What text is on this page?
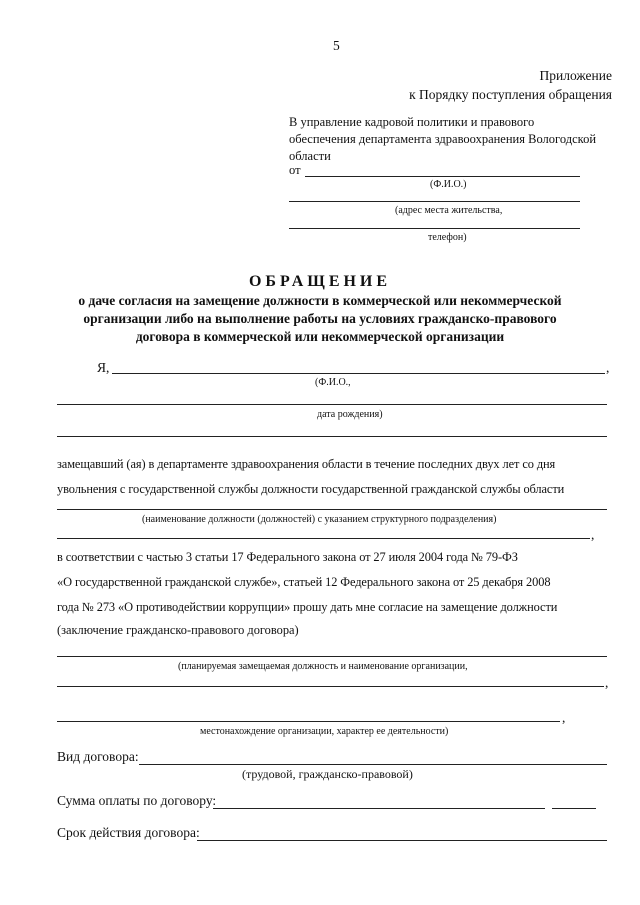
5
Приложение
к Порядку поступления обращения
В управление кадровой политики и правового
обеспечения департамента здравоохранения Вологодской
области
от
(Ф.И.О.)
(адрес места жительства,
телефон)
ОБРАЩЕНИЕ
о даче согласия на замещение должности в коммерческой или некоммерческой
организации либо на выполнение работы на условиях гражданско-правового
договора в коммерческой или некоммерческой организации
Я,	,
(Ф.И.О.,
дата рождения)
замещавший (ая) в департаменте здравоохранения области в течение последних двух лет со дня
увольнения с государственной службы должности государственной гражданской службы области
(наименование должности (должностей) с указанием структурного подразделения)
,
в соответствии с частью 3 статьи 17 Федерального закона от 27 июля 2004 года № 79-ФЗ
«О государственной гражданской службе», статьей 12 Федерального закона от 25 декабря 2008
года № 273 «О противодействии коррупции» прошу дать мне согласие на замещение должности
(заключение гражданско-правового договора)
(планируемая замещаемая должность и наименование организации,
,
,
местонахождение организации, характер ее деятельности)
Вид договора:
(трудовой, гражданско-правовой)
Сумма оплаты по договору:
Срок действия договора:
